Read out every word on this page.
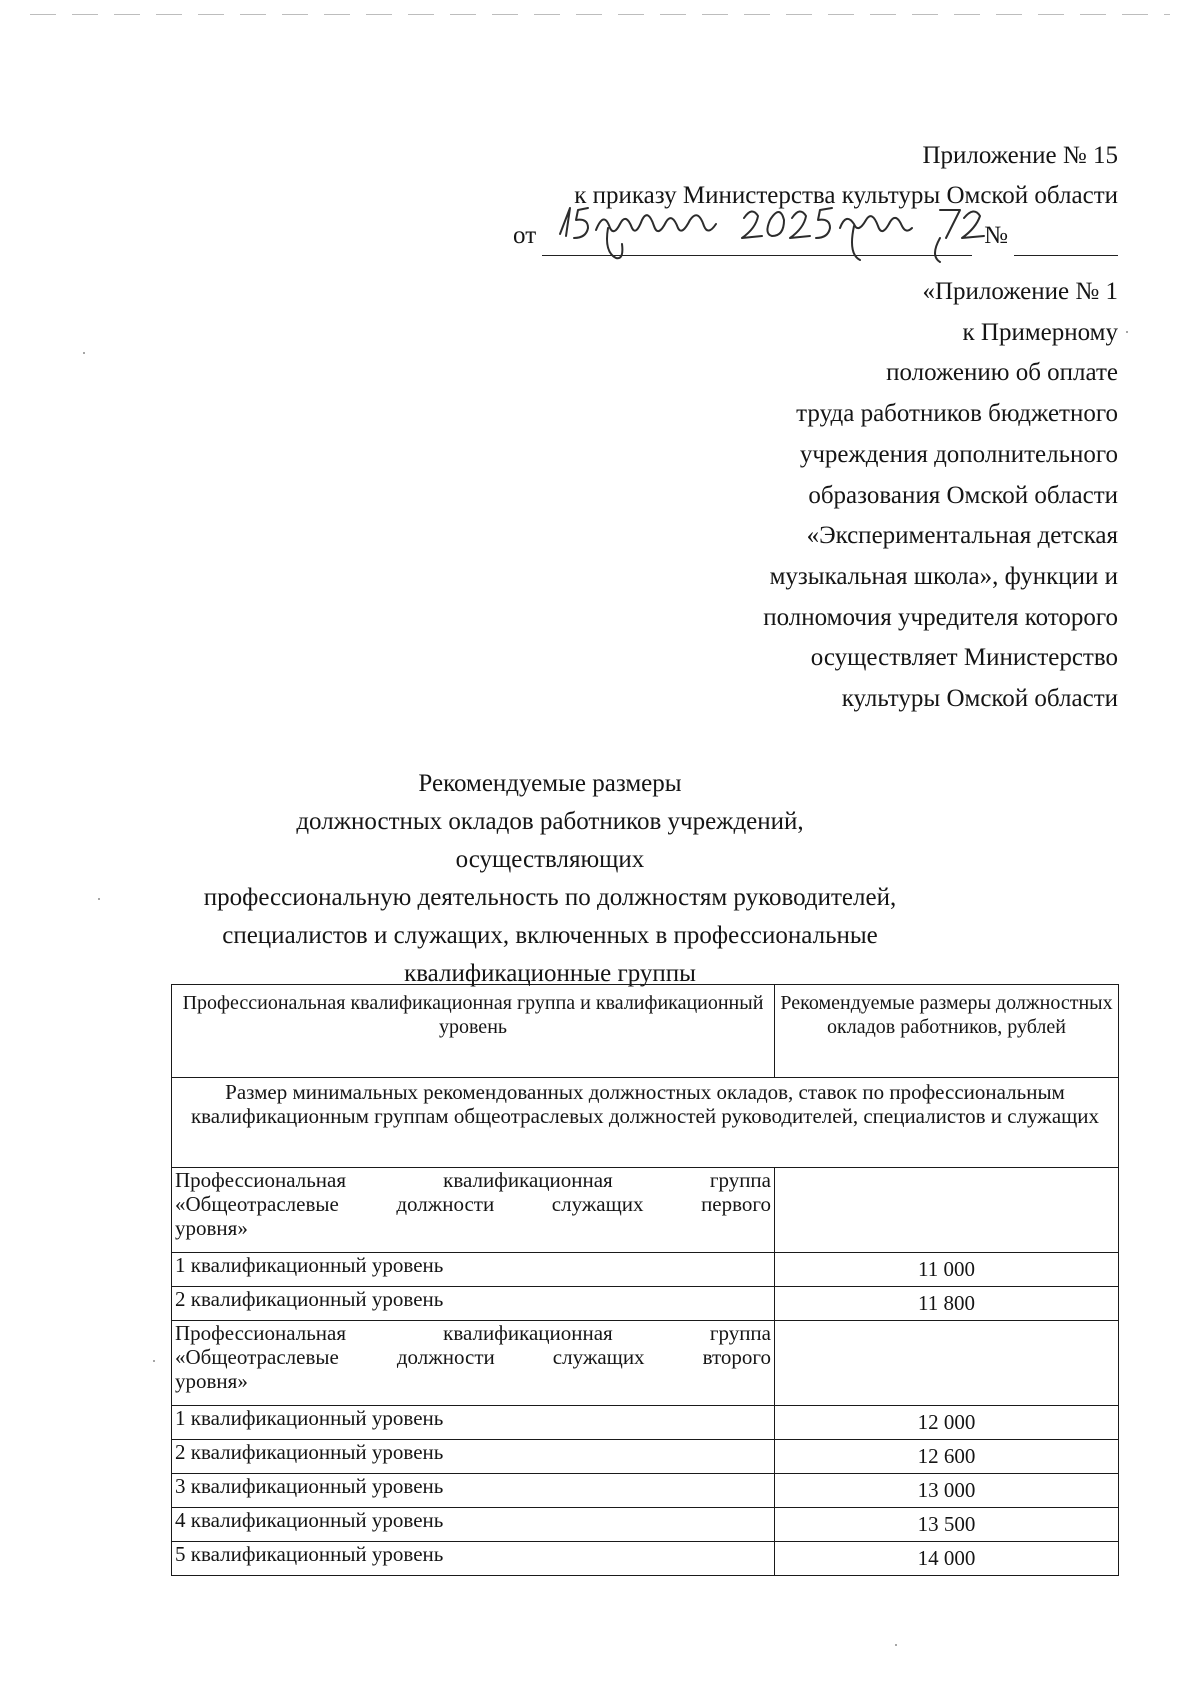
Приложение № 15
к приказу Министерства культуры Омской области
от	№
«Приложение № 1
к Примерному
положению об оплате
труда работников бюджетного
учреждения дополнительного
образования Омской области
«Экспериментальная детская
музыкальная школа», функции и
полномочия учредителя которого
осуществляет Министерство
культуры Омской области
Рекомендуемые размеры
должностных окладов работников учреждений, осуществляющих
профессиональную деятельность по должностям руководителей,
специалистов и служащих, включенных в профессиональные
квалификационные группы
Профессиональная квалификационная группа и квалификационный уровень	Рекомендуемые размеры должностных окладов работников, рублей
Размер минимальных рекомендованных должностных окладов, ставок по профессиональным квалификационным группам общеотраслевых должностей руководителей, специалистов и служащих	

Профессиональная квалификационная группа
«Общеотраслевые должности служащих первого
уровня»	

1 квалификационный уровень	11 000
2 квалификационный уровень	11 800

Профессиональная квалификационная группа
«Общеотраслевые должности служащих второго
уровня»	

1 квалификационный уровень	12 000
2 квалификационный уровень	12 600
3 квалификационный уровень	13 000
4 квалификационный уровень	13 500
5 квалификационный уровень	14 000
